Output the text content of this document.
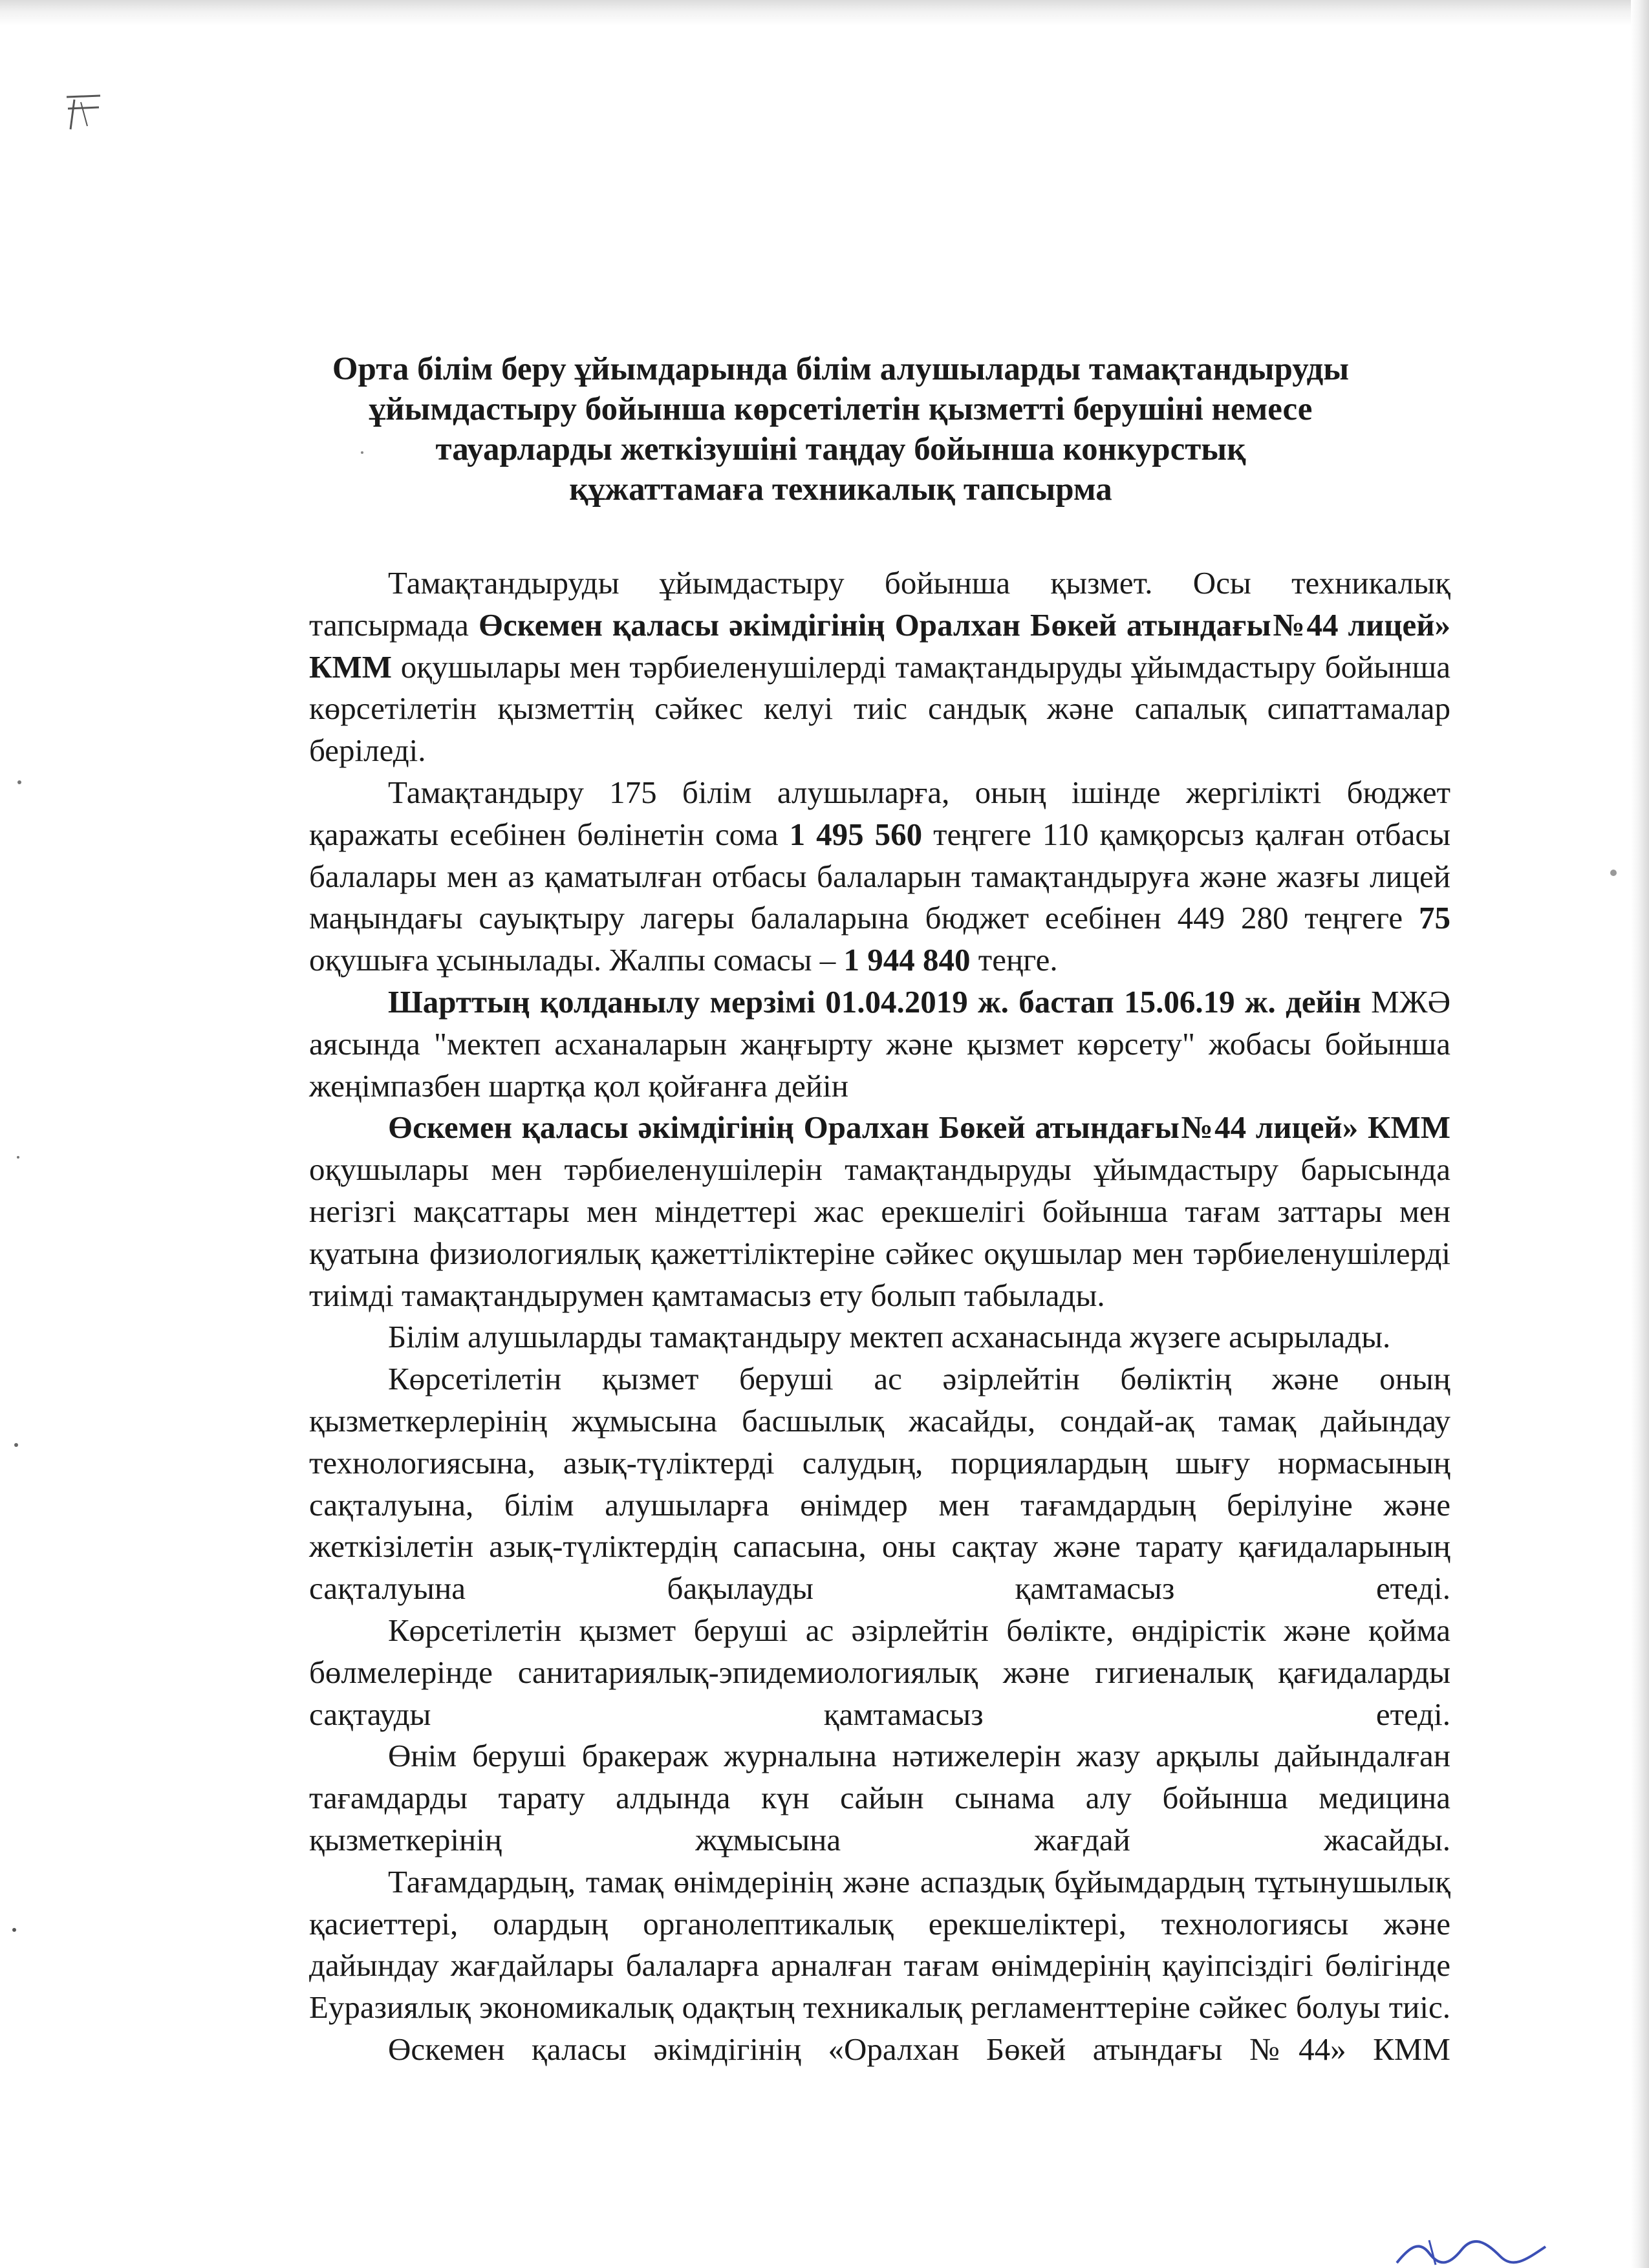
Орта білім беру ұйымдарында білім алушыларды тамақтандыруды
ұйымдастыру бойынша көрсетілетін қызметті берушіні немесе
тауарларды жеткізушіні таңдау бойынша конкурстық
құжаттамаға техникалық тапсырма

Тамақтандыруды ұйымдастыру бойынша қызмет. Осы техникалық тапсырмада Өскемен қаласы әкімдігінің Оралхан Бөкей атындағы№44 лицей» КММ оқушылары мен тәрбиеленушілерді тамақтандыруды ұйымдастыру бойынша көрсетілетін қызметтің сәйкес келуі тиіс сандық және сапалық сипаттамалар беріледі.

Тамақтандыру 175 білім алушыларға, оның ішінде жергілікті бюджет қаражаты есебінен бөлінетін сома 1 495 560 теңгеге 110 қамқорсыз қалған отбасы балалары мен аз қаматылған отбасы балаларын тамақтандыруға және жазғы лицей маңындағы сауықтыру лагеры балаларына бюджет есебінен 449 280 теңгеге 75 оқушыға ұсынылады. Жалпы сомасы – 1 944 840 теңге.

Шарттың қолданылу мерзімі 01.04.2019 ж. бастап 15.06.19 ж. дейін МЖӘ аясында "мектеп асханаларын жаңғырту және қызмет көрсету" жобасы бойынша жеңімпазбен шартқа қол қойғанға дейін

Өскемен қаласы әкімдігінің Оралхан Бөкей атындағы№44 лицей» КММ оқушылары мен тәрбиеленушілерін тамақтандыруды ұйымдастыру барысында негізгі мақсаттары мен міндеттері жас ерекшелігі бойынша тағам заттары мен қуатына физиологиялық қажеттіліктеріне сәйкес оқушылар мен тәрбиеленушілерді тиімді тамақтандырумен қамтамасыз ету болып табылады.

Білім алушыларды тамақтандыру мектеп асханасында жүзеге асырылады.

Көрсетілетін қызмет беруші ас әзірлейтін бөліктің және оның қызметкерлерінің жұмысына басшылық жасайды, сондай-ақ тамақ дайындау технологиясына, азық-түліктерді салудың, порциялардың шығу нормасының сақталуына, білім алушыларға өнімдер мен тағамдардың берілуіне және жеткізілетін азық-түліктердің сапасына, оны сақтау және тарату қағидаларының сақталуына бақылауды қамтамасыз етеді.

Көрсетілетін қызмет беруші ас әзірлейтін бөлікте, өндірістік және қойма бөлмелерінде санитариялық-эпидемиологиялық және гигиеналық қағидаларды сақтауды қамтамасыз етеді.

Өнім беруші бракераж журналына нәтижелерін жазу арқылы дайындалған тағамдарды тарату алдында күн сайын сынама алу бойынша медицина қызметкерінің жұмысына жағдай жасайды.

Тағамдардың, тамақ өнімдерінің және аспаздық бұйымдардың тұтынушылық қасиеттері, олардың органолептикалық ерекшеліктері, технологиясы және дайындау жағдайлары балаларға арналған тағам өнімдерінің қауіпсіздігі бөлігінде Еуразиялық экономикалық одақтың техникалық регламенттеріне сәйкес болуы тиіс.

Өскемен қаласы әкімдігінің «Оралхан Бөкей атындағы №44» КММ
